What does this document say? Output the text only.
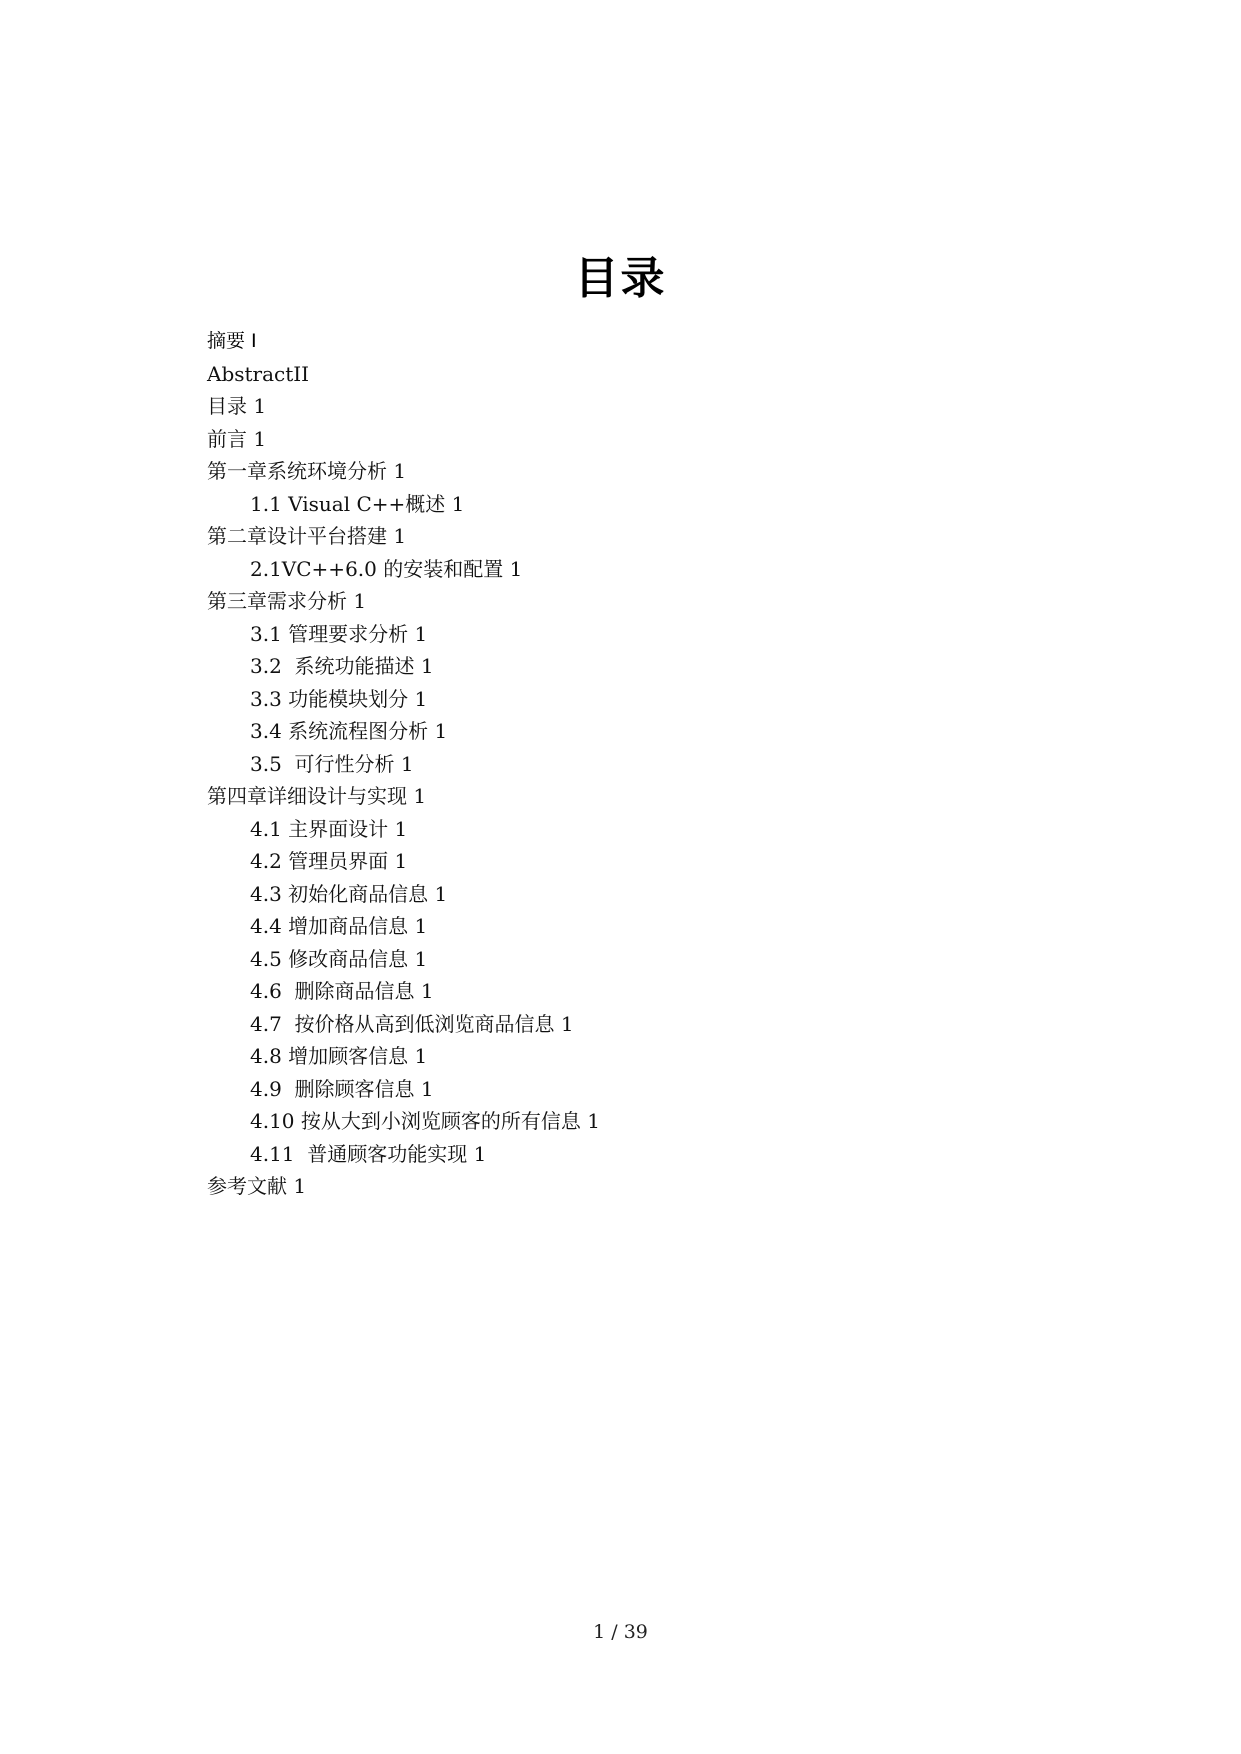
目录
摘要 I
AbstractII
目录 1
前言 1
第一章系统环境分析 1
1.1 Visual C++概述 1
第二章设计平台搭建 1
2.1VC++6.0 的安装和配置 1
第三章需求分析 1
3.1 管理要求分析 1
3.2  系统功能描述 1
3.3 功能模块划分 1
3.4 系统流程图分析 1
3.5  可行性分析 1
第四章详细设计与实现 1
4.1 主界面设计 1
4.2 管理员界面 1
4.3 初始化商品信息 1
4.4 增加商品信息 1
4.5 修改商品信息 1
4.6  删除商品信息 1
4.7  按价格从高到低浏览商品信息 1
4.8 增加顾客信息 1
4.9  删除顾客信息 1
4.10 按从大到小浏览顾客的所有信息 1
4.11  普通顾客功能实现 1
参考文献 1
1 / 39
